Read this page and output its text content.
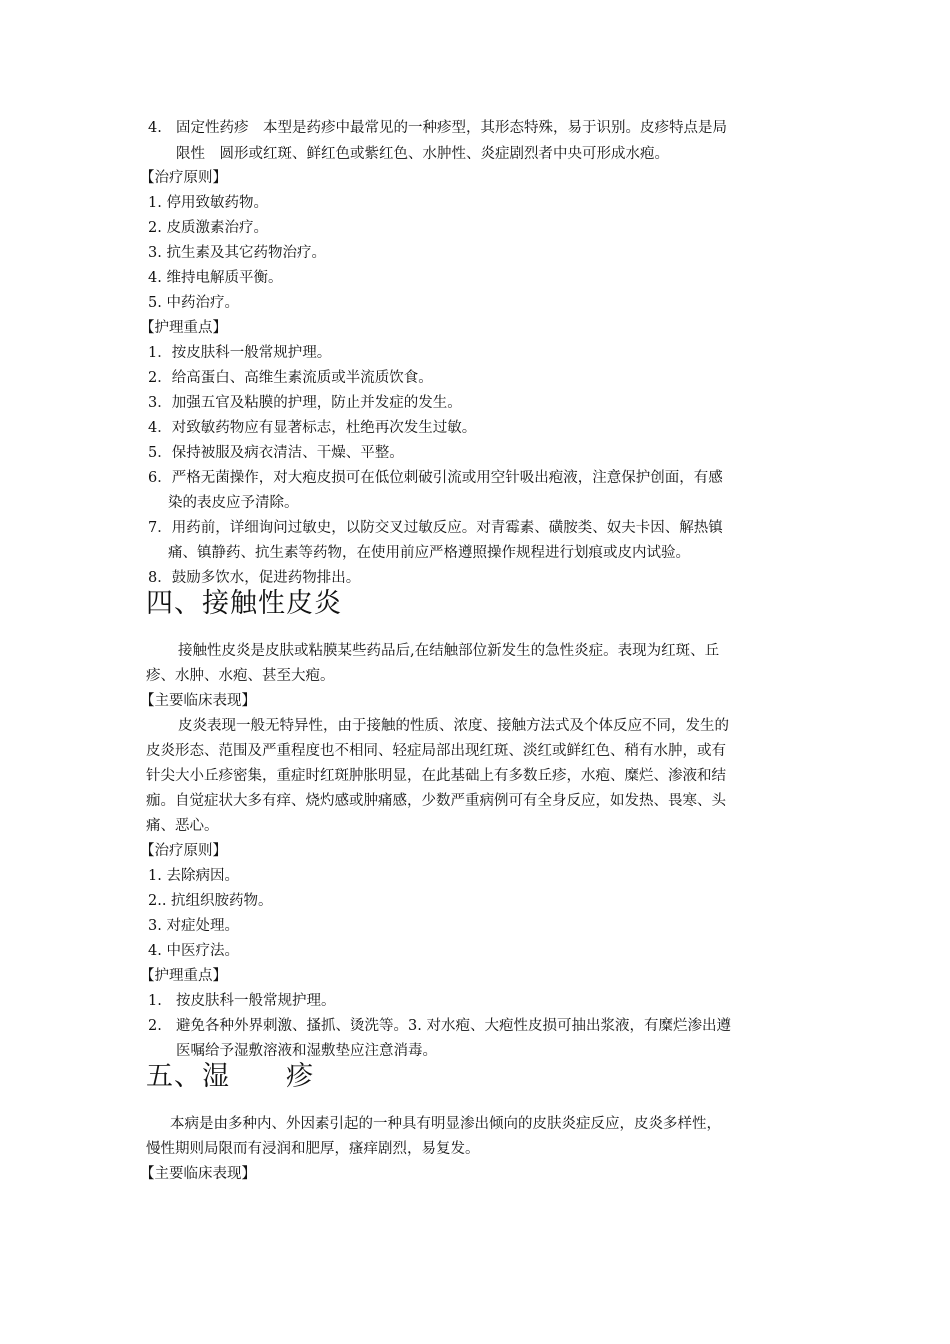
4. 固定性药疹　本型是药疹中最常见的一种疹型，其形态特殊，易于识别。皮疹特点是局
限性　圆形或红斑、鲜红色或紫红色、水肿性、炎症剧烈者中央可形成水疱。
【治疗原则】
1. 停用致敏药物。
2. 皮质激素治疗。
3. 抗生素及其它药物治疗。
4. 维持电解质平衡。
5. 中药治疗。
【护理重点】
1．按皮肤科一般常规护理。
2．给高蛋白、高维生素流质或半流质饮食。
3．加强五官及粘膜的护理，防止并发症的发生。
4．对致敏药物应有显著标志，杜绝再次发生过敏。
5．保持被服及病衣清洁、干燥、平整。
6．严格无菌操作，对大疱皮损可在低位刺破引流或用空针吸出疱液，注意保护创面，有感
染的表皮应予清除。
7．用药前，详细询问过敏史，以防交叉过敏反应。对青霉素、磺胺类、奴夫卡因、解热镇
痛、镇静药、抗生素等药物，在使用前应严格遵照操作规程进行划痕或皮内试验。
8．鼓励多饮水，促进药物排出。
四、接触性皮炎
接触性皮炎是皮肤或粘膜某些药品后,在结触部位新发生的急性炎症。表现为红斑、丘
疹、水肿、水疱、甚至大疱。
【主要临床表现】
皮炎表现一般无特异性，由于接触的性质、浓度、接触方法式及个体反应不同，发生的
皮炎形态、范围及严重程度也不相同、轻症局部出现红斑、淡红或鲜红色、稍有水肿，或有
针尖大小丘疹密集，重症时红斑肿胀明显，在此基础上有多数丘疹，水疱、糜烂、渗液和结
痂。自觉症状大多有痒、烧灼感或肿痛感，少数严重病例可有全身反应，如发热、畏寒、头
痛、恶心。
【治疗原则】
1. 去除病因。
2.. 抗组织胺药物。
3. 对症处理。
4. 中医疗法。
【护理重点】
1. 按皮肤科一般常规护理。
2. 避免各种外界刺激、搔抓、烫洗等。3. 对水疱、大疱性皮损可抽出浆液，有糜烂渗出遵
医嘱给予湿敷溶液和湿敷垫应注意消毒。
五、湿　　疹
本病是由多种内、外因素引起的一种具有明显渗出倾向的皮肤炎症反应，皮炎多样性，
慢性期则局限而有浸润和肥厚，瘙痒剧烈，易复发。
【主要临床表现】
